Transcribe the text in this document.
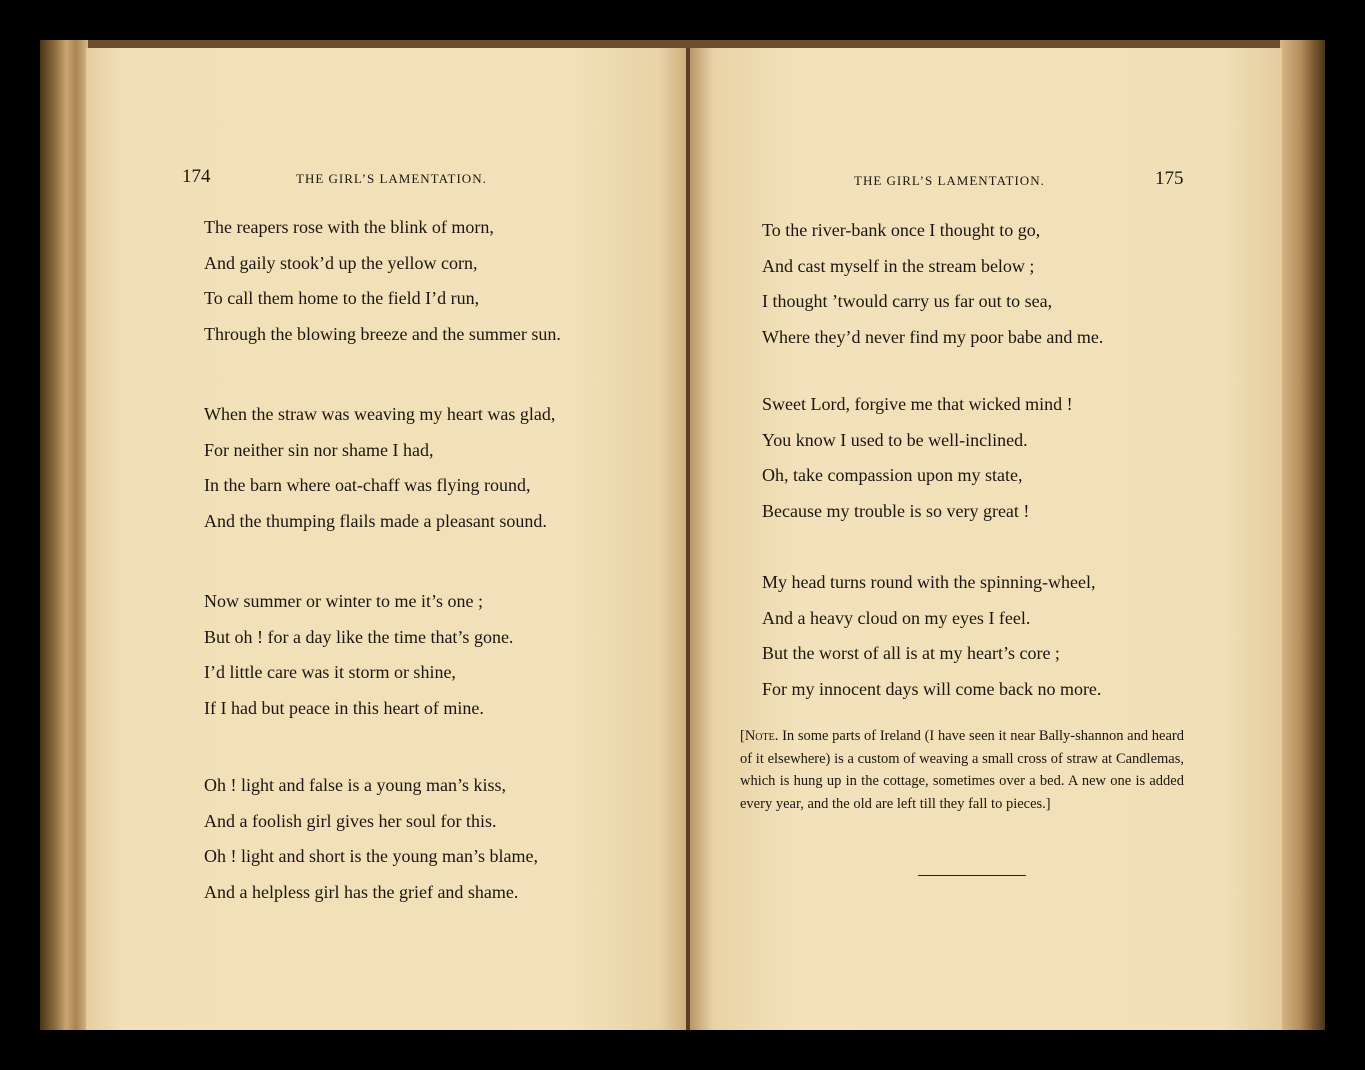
174	THE GIRL’S LAMENTATION.
The reapers rose with the blink of morn,
And gaily stook’d up the yellow corn,
To call them home to the field I’d run,
Through the blowing breeze and the summer sun.
When the straw was weaving my heart was glad,
For neither sin nor shame I had,
In the barn where oat-chaff was flying round,
And the thumping flails made a pleasant sound.
Now summer or winter to me it’s one ;
But oh ! for a day like the time that’s gone.
I’d little care was it storm or shine,
If I had but peace in this heart of mine.
Oh ! light and false is a young man’s kiss,
And a foolish girl gives her soul for this.
Oh ! light and short is the young man’s blame,
And a helpless girl has the grief and shame.
THE GIRL’S LAMENTATION.	175
To the river-bank once I thought to go,
And cast myself in the stream below ;
I thought ’twould carry us far out to sea,
Where they’d never find my poor babe and me.
Sweet Lord, forgive me that wicked mind !
You know I used to be well-inclined.
Oh, take compassion upon my state,
Because my trouble is so very great !
My head turns round with the spinning-wheel,
And a heavy cloud on my eyes I feel.
But the worst of all is at my heart’s core ;
For my innocent days will come back no more.
[Note. In some parts of Ireland (I have seen it near Bally-shannon and heard of it elsewhere) is a custom of weaving a small cross of straw at Candlemas, which is hung up in the cottage, sometimes over a bed. A new one is added every year, and the old are left till they fall to pieces.]
